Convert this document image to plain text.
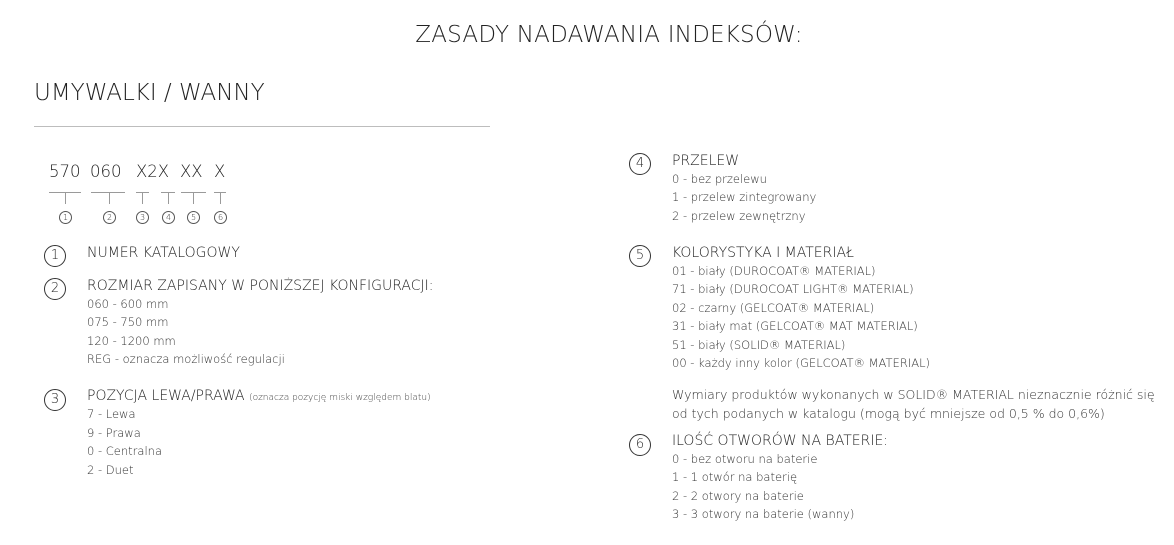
ZASADY NADAWANIA INDEKSÓW:
UMYWALKI / WANNY
570 060 X2X XX X
1	2	3	4	5	6
1	NUMER KATALOGOWY
2	ROZMIAR ZAPISANY W PONIŻSZEJ KONFIGURACJI:
060 - 600 mm
075 - 750 mm
120 - 1200 mm
REG - oznacza możliwość regulacji
3	POZYCJA LEWA/PRAWA (oznacza pozycję miski względem blatu)
7 - Lewa
9 - Prawa
0 - Centralna
2 - Duet
4	PRZELEW
0 - bez przelewu
1 - przelew zintegrowany
2 - przelew zewnętrzny
5	KOLORYSTYKA I MATERIAŁ
01 - biały (DUROCOAT® MATERIAL)
71 - biały (DUROCOAT LIGHT® MATERIAL)
02 - czarny (GELCOAT® MATERIAL)
31 - biały mat (GELCOAT® MAT MATERIAL)
51 - biały (SOLID® MATERIAL)
00 - każdy inny kolor (GELCOAT® MATERIAL)
Wymiary produktów wykonanych w SOLID® MATERIAL nieznacznie różnić się od tych podanych w katalogu (mogą być mniejsze od 0,5 % do 0,6%)
6	ILOŚĆ OTWORÓW NA BATERIE:
0 - bez otworu na baterie
1 - 1 otwór na baterię
2 - 2 otwory na baterie
3 - 3 otwory na baterie (wanny)
